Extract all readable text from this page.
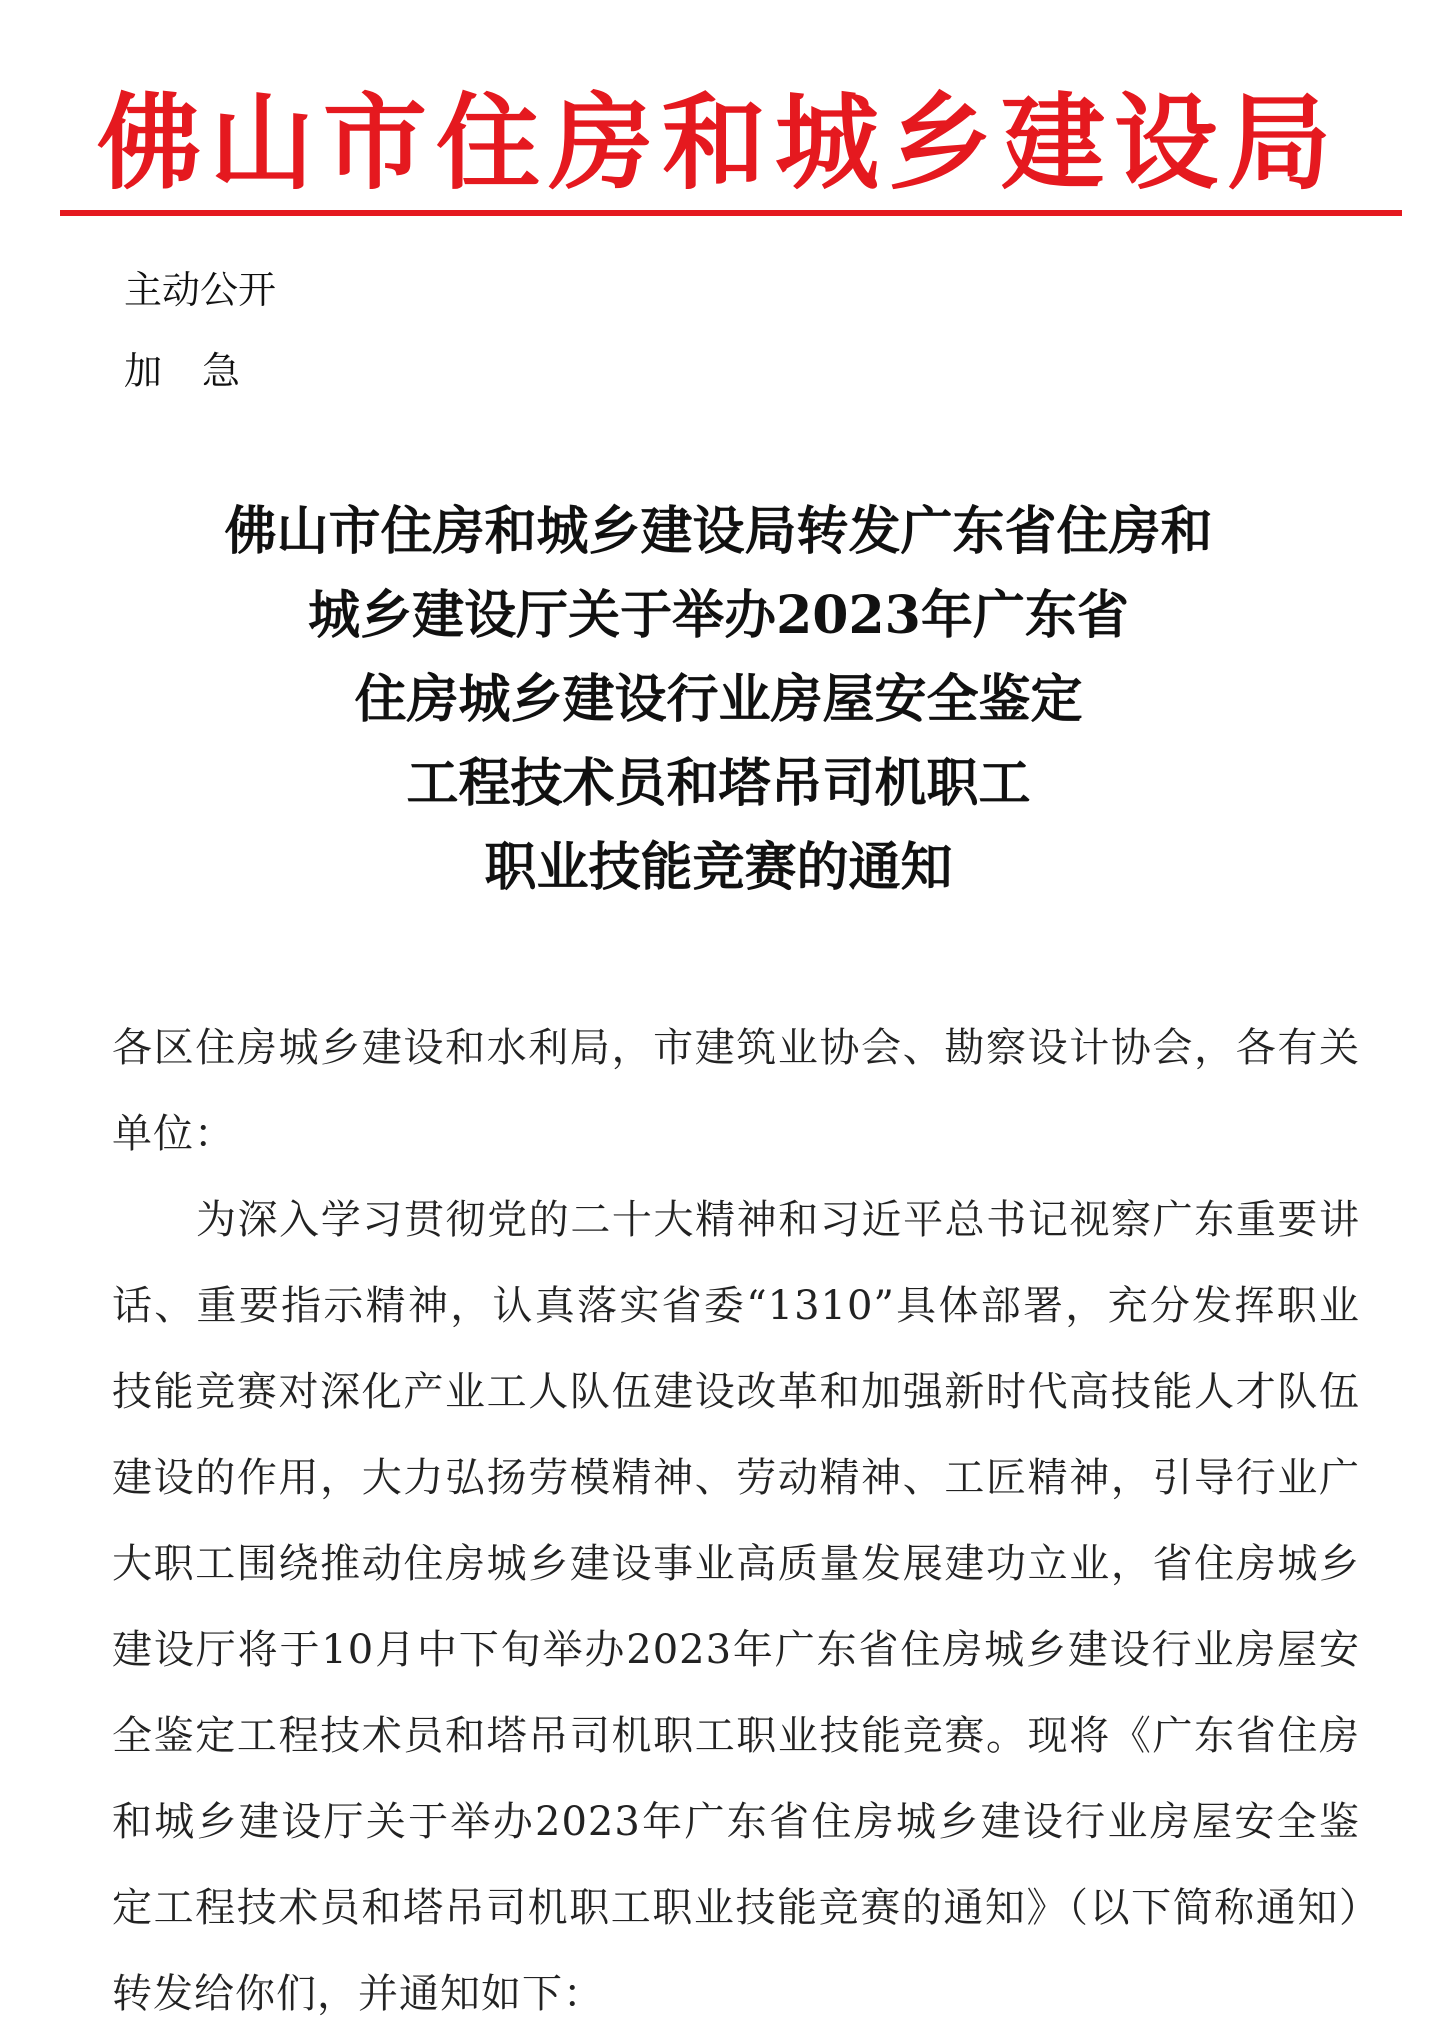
佛山市住房和城乡建设局
主动公开
加急
佛山市住房和城乡建设局转发广东省住房和
城乡建设厅关于举办2023年广东省
住房城乡建设行业房屋安全鉴定
工程技术员和塔吊司机职工
职业技能竞赛的通知

各区住房城乡建设和水利局，市建筑业协会、勘察设计协会，各有关单位：

为深入学习贯彻党的二十大精神和习近平总书记视察广东重要讲话、重要指示精神，认真落实省委“1310”具体部署，充分发挥职业技能竞赛对深化产业工人队伍建设改革和加强新时代高技能人才队伍建设的作用，大力弘扬劳模精神、劳动精神、工匠精神，引导行业广大职工围绕推动住房城乡建设事业高质量发展建功立业，省住房城乡建设厅将于10月中下旬举办2023年广东省住房城乡建设行业房屋安全鉴定工程技术员和塔吊司机职工职业技能竞赛。现将《广东省住房和城乡建设厅关于举办2023年广东省住房城乡建设行业房屋安全鉴定工程技术员和塔吊司机职工职业技能竞赛的通知》（以下简称通知）转发给你们，并通知如下：
